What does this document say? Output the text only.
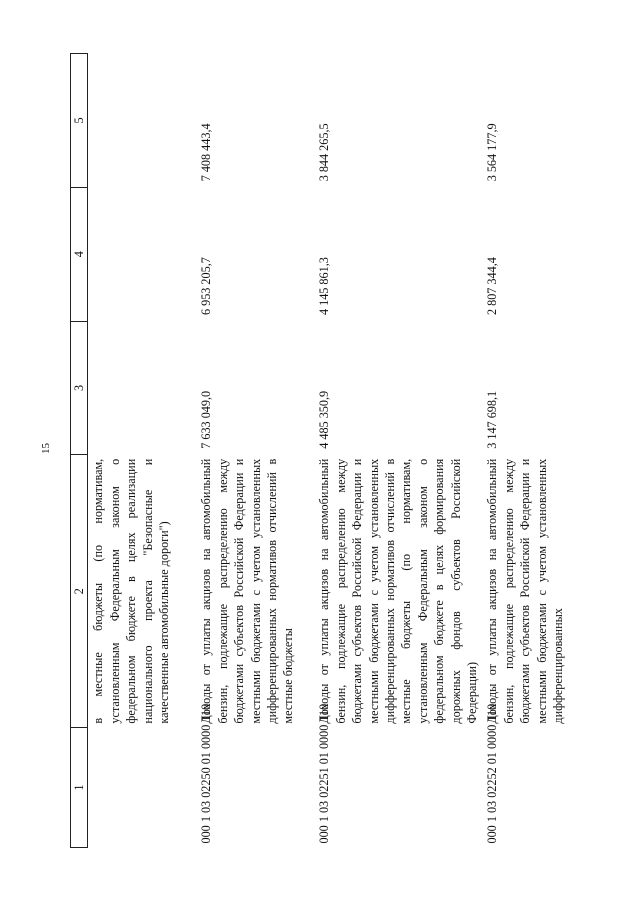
15
1	2	3	4	5
	в местные бюджеты (по нормативам, установленным Федеральным законом о федеральном бюджете в целях реализации национального проекта "Безопасные и качественные автомобильные дороги")			
000 1 03 02250 01 0000 110	Доходы от уплаты акцизов на автомобильный бензин, подлежащие распределению между бюджетами субъектов Российской Федерации и местными бюджетами с учетом установленных дифференцированных нормативов отчислений в местные бюджеты	7 633 049,0	6 953 205,7	7 408 443,4
000 1 03 02251 01 0000 110	Доходы от уплаты акцизов на автомобильный бензин, подлежащие распределению между бюджетами субъектов Российской Федерации и местными бюджетами с учетом установленных дифференцированных нормативов отчислений в местные бюджеты (по нормативам, установленным Федеральным законом о федеральном бюджете в целях формирования дорожных фондов субъектов Российской Федерации)	4 485 350,9	4 145 861,3	3 844 265,5
000 1 03 02252 01 0000 110	Доходы от уплаты акцизов на автомобильный бензин, подлежащие распределению между бюджетами субъектов Российской Федерации и местными бюджетами с учетом установленных дифференцированных	3 147 698,1	2 807 344,4	3 564 177,9
